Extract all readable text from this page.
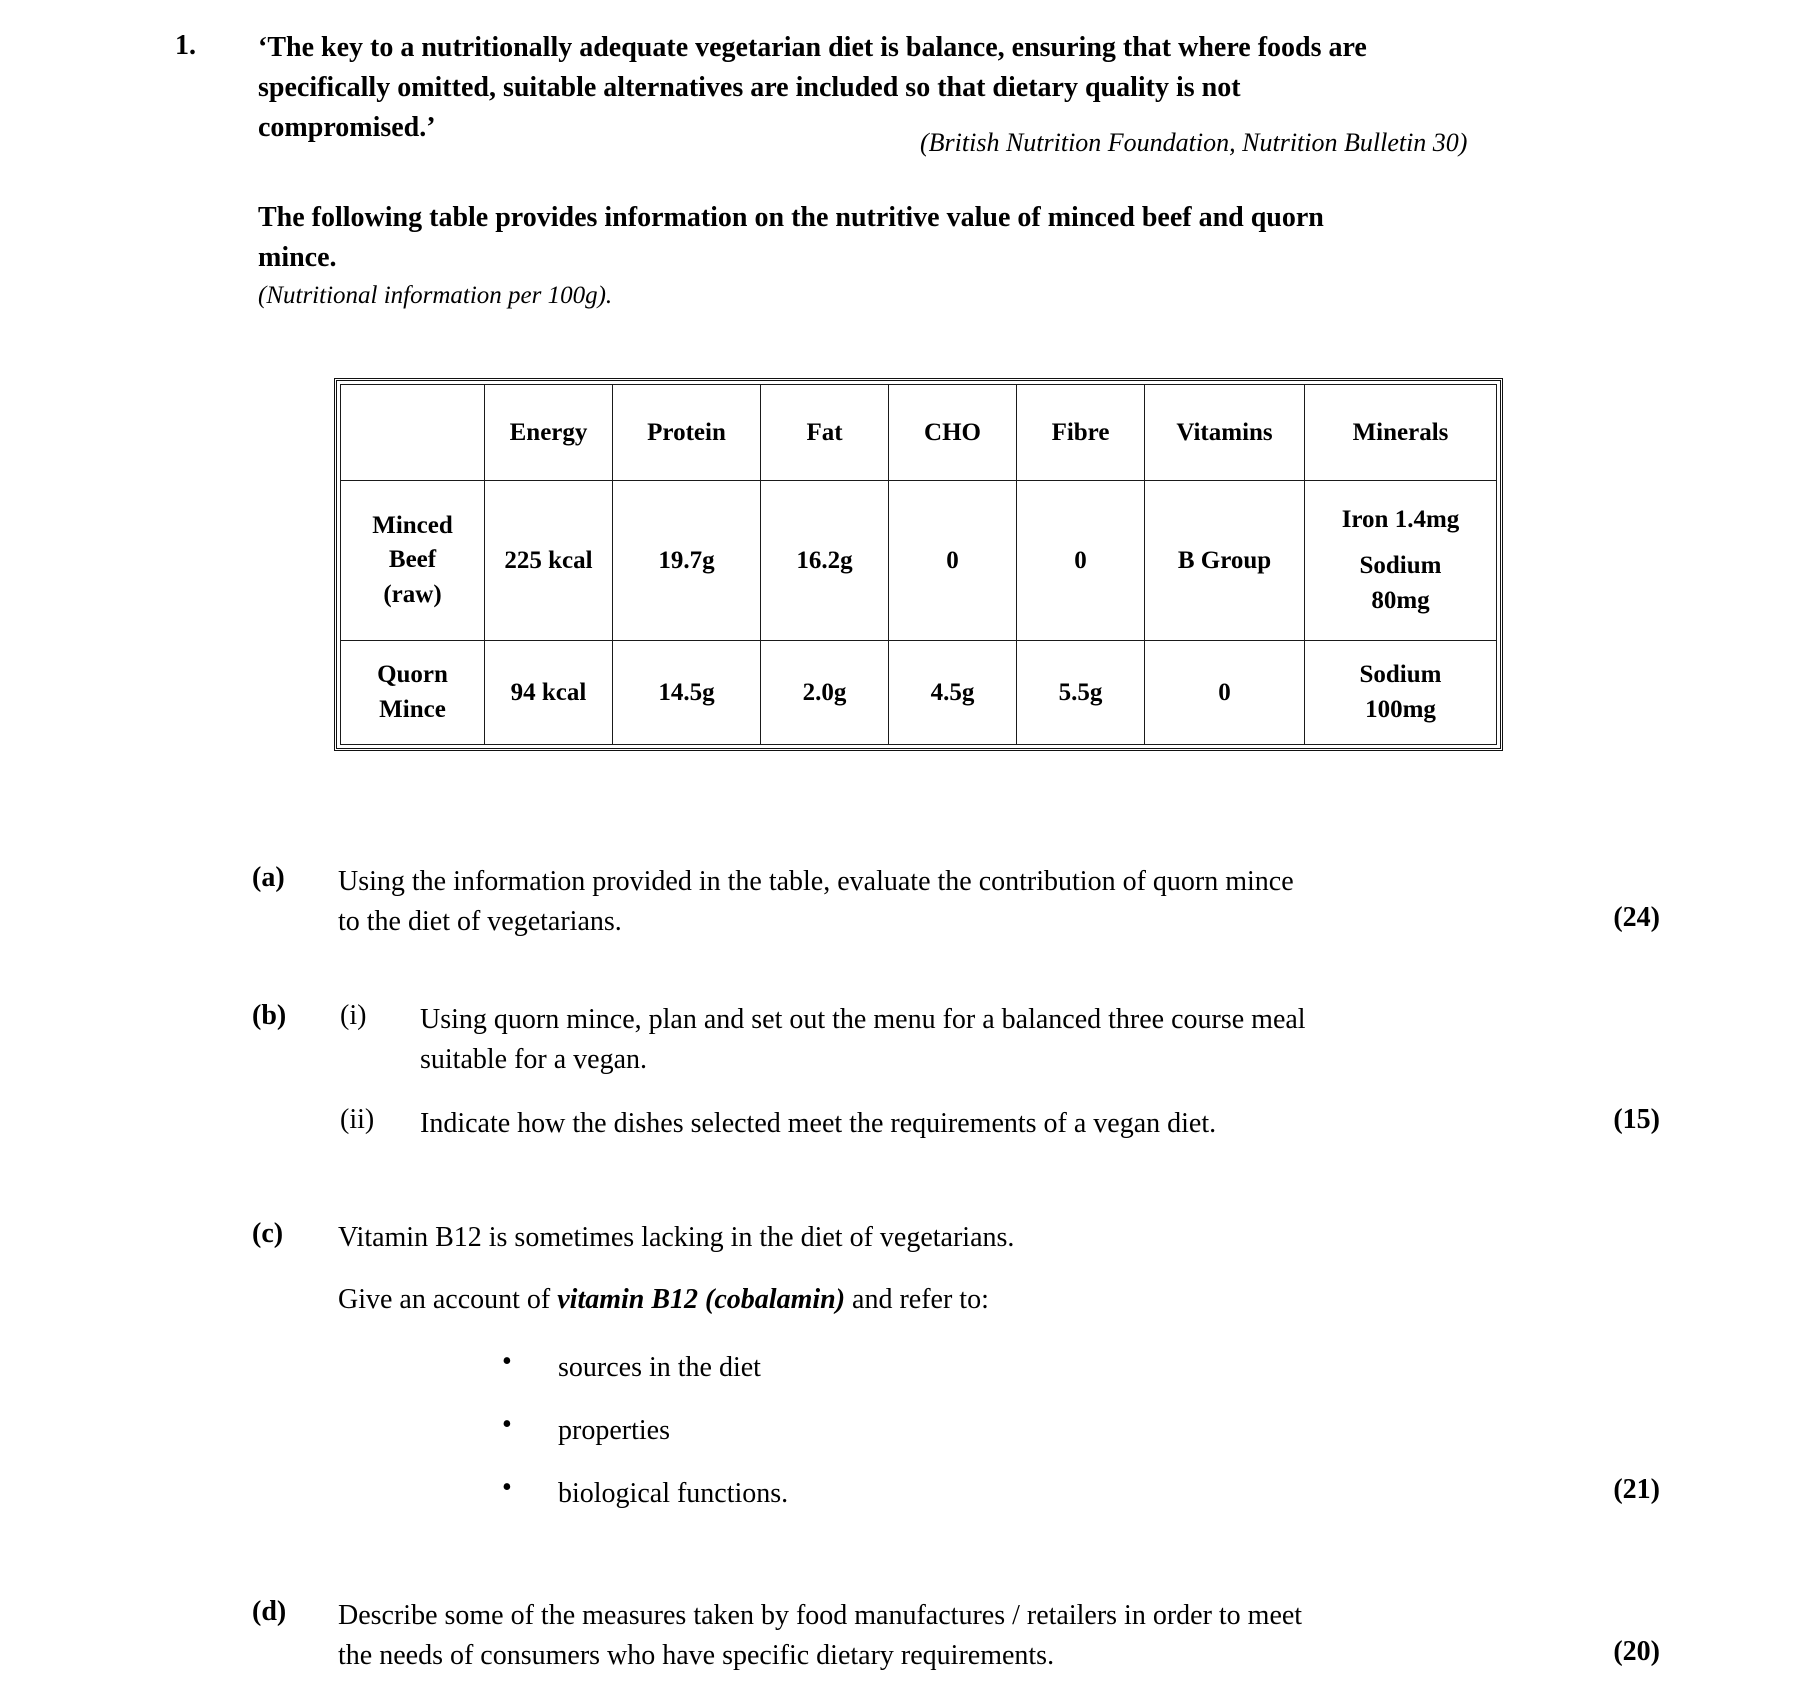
1. ‘The key to a nutritionally adequate vegetarian diet is balance, ensuring that where foods are specifically omitted, suitable alternatives are included so that dietary quality is not compromised.’	(British Nutrition Foundation, Nutrition Bulletin 30)
The following table provides information on the nutritive value of minced beef and quorn mince.
(Nutritional information per 100g).
	Energy	Protein	Fat	CHO	Fibre	Vitamins	Minerals

Minced
Beef
(raw)	225 kcal	19.7g	16.2g	0	0	B Group	Iron 1.4mg
Sodium
80mg

Quorn
Mince	94 kcal	14.5g	2.0g	4.5g	5.5g	0	Sodium
100mg
(a) Using the information provided in the table, evaluate the contribution of quorn mince
to the diet of vegetarians.	(24)
(b) (i) Using quorn mince, plan and set out the menu for a balanced three course meal
suitable for a vegan.
(ii) Indicate how the dishes selected meet the requirements of a vegan diet.	(15)
(c) Vitamin B12 is sometimes lacking in the diet of vegetarians.
Give an account of vitamin B12 (cobalamin) and refer to:
• sources in the diet
• properties
• biological functions.	(21)
(d) Describe some of the measures taken by food manufactures / retailers in order to meet
the needs of consumers who have specific dietary requirements.	(20)
